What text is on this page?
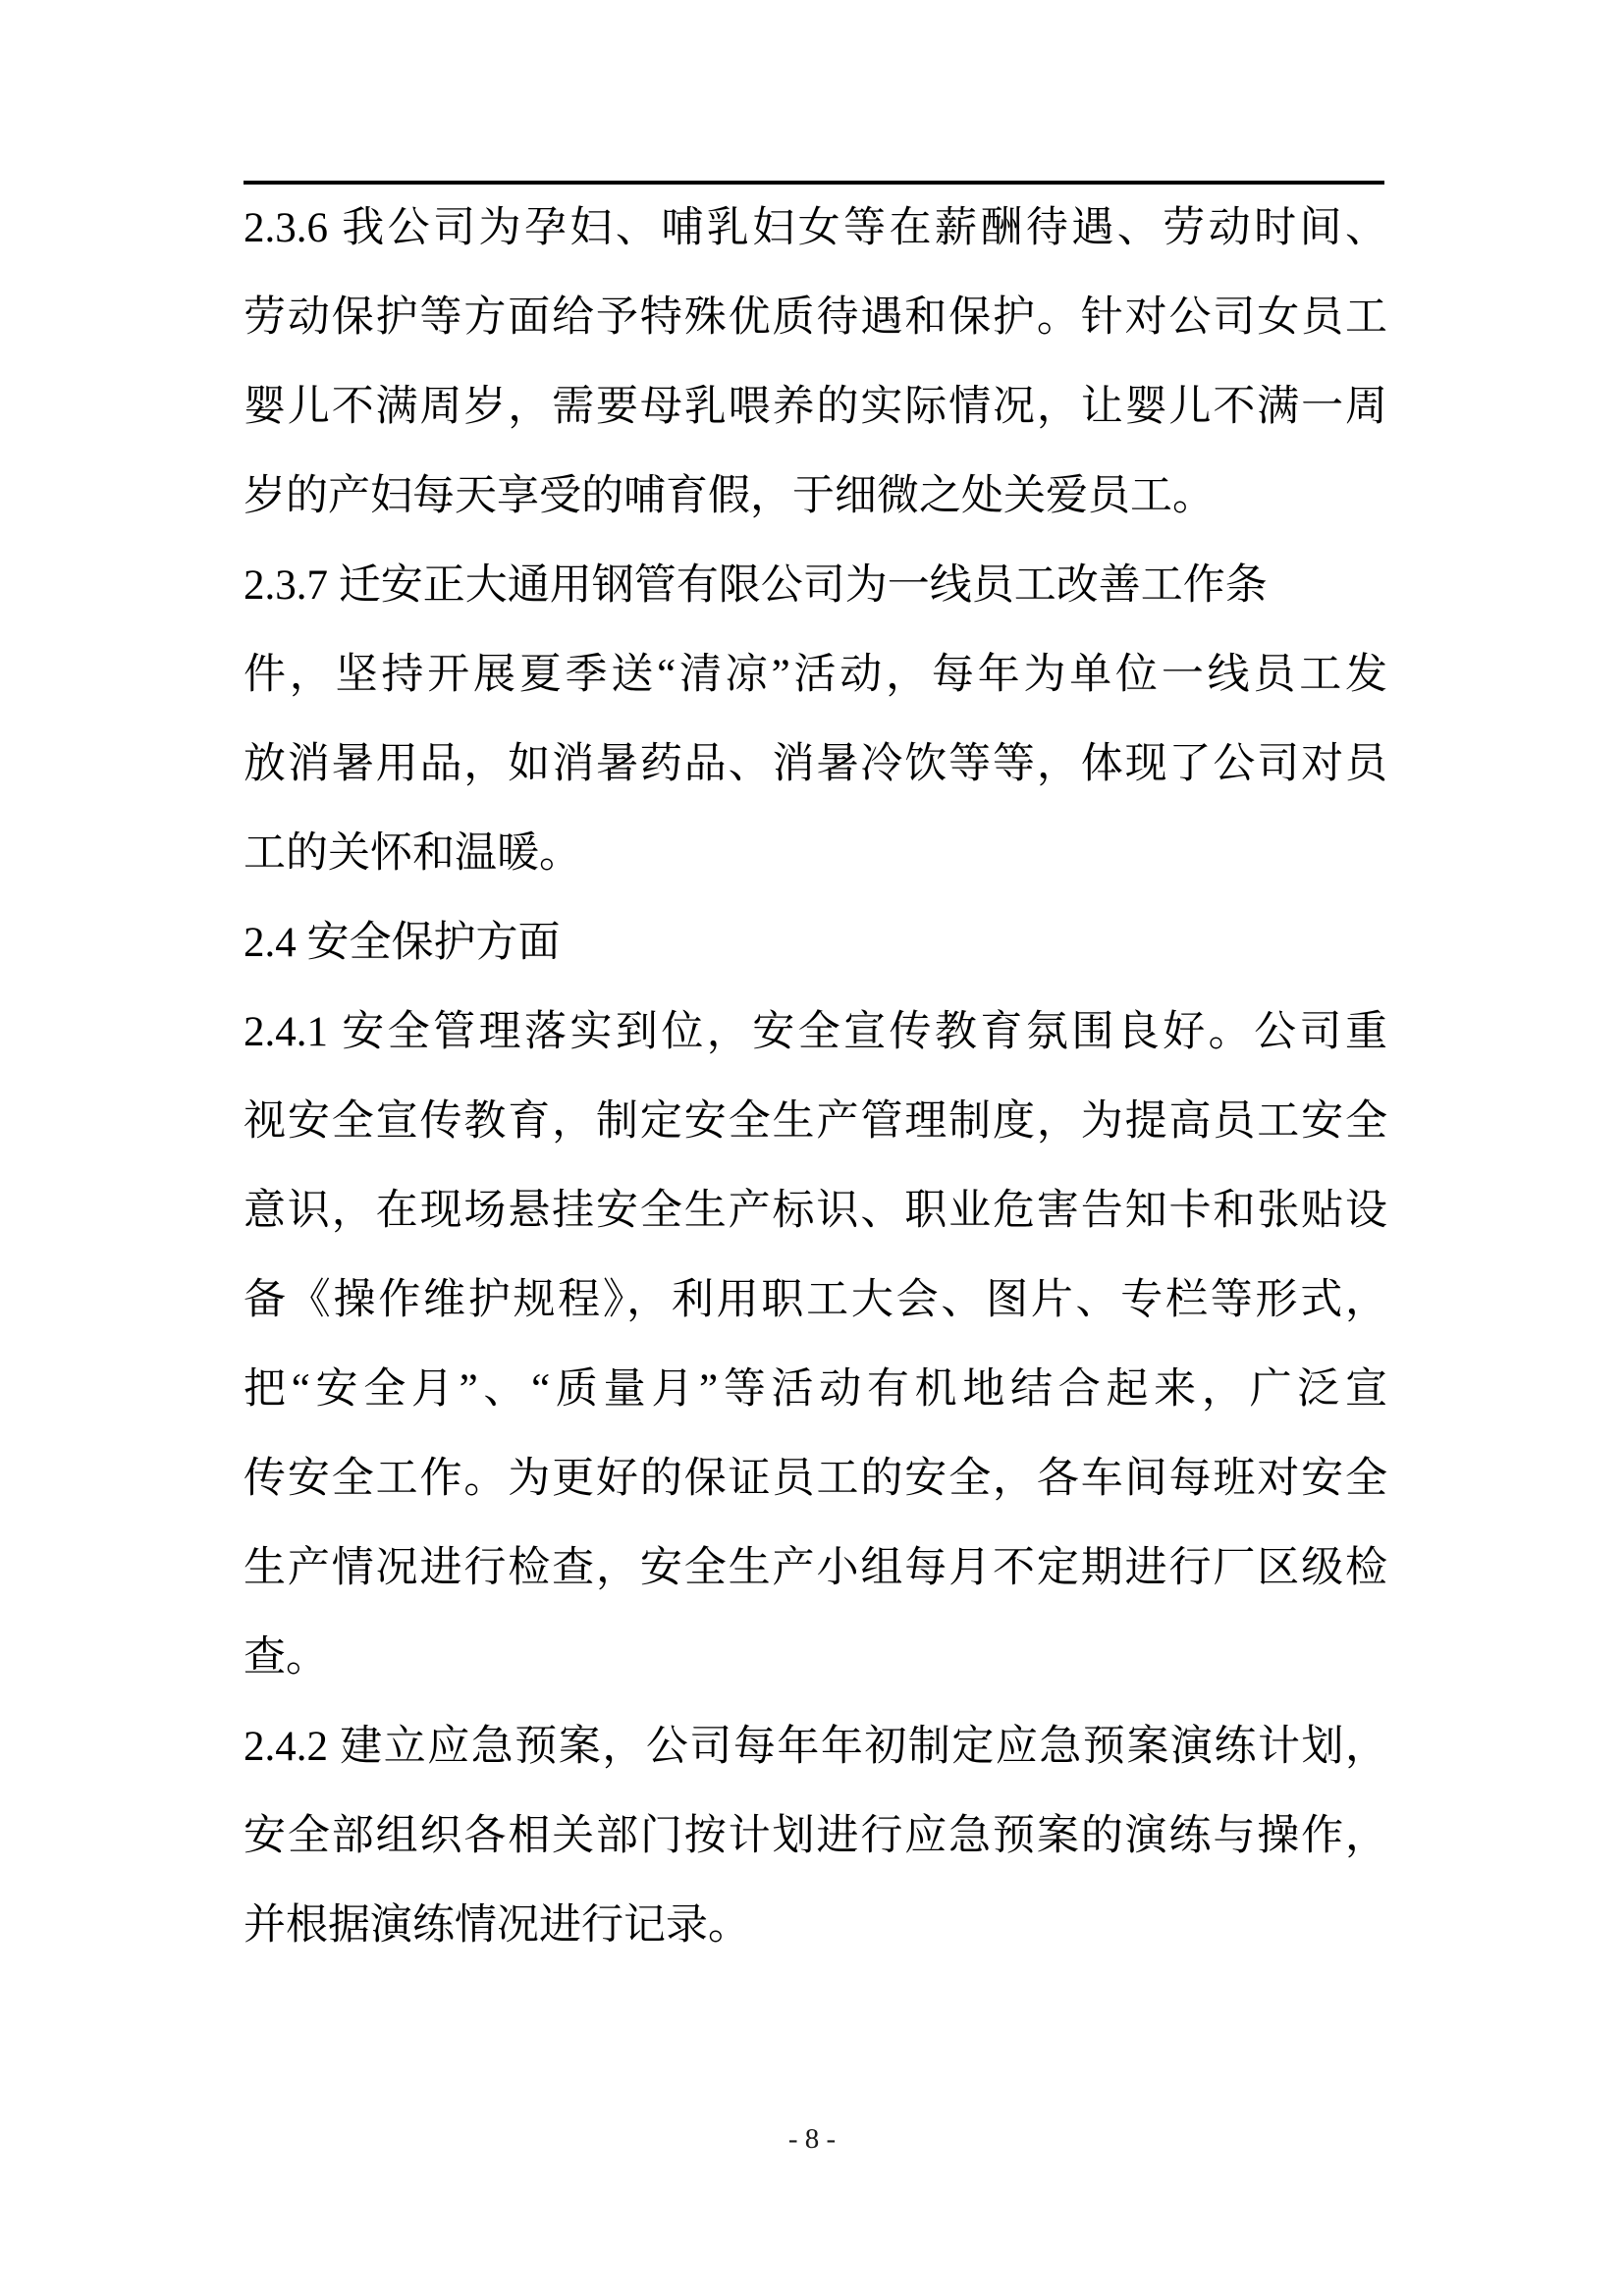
2.3.6 我公司为孕妇、哺乳妇女等在薪酬待遇、劳动时间、
劳动保护等方面给予特殊优质待遇和保护。针对公司女员工
婴儿不满周岁，需要母乳喂养的实际情况，让婴儿不满一周
岁的产妇每天享受的哺育假，于细微之处关爱员工。
2.3.7 迁安正大通用钢管有限公司为一线员工改善工作条
件，坚持开展夏季送“清凉”活动，每年为单位一线员工发
放消暑用品，如消暑药品、消暑冷饮等等，体现了公司对员
工的关怀和温暖。
2.4 安全保护方面
2.4.1 安全管理落实到位，安全宣传教育氛围良好。公司重
视安全宣传教育，制定安全生产管理制度，为提高员工安全
意识，在现场悬挂安全生产标识、职业危害告知卡和张贴设
备《操作维护规程》，利用职工大会、图片、专栏等形式，
把“安全月”、“质量月”等活动有机地结合起来，广泛宣
传安全工作。为更好的保证员工的安全，各车间每班对安全
生产情况进行检查，安全生产小组每月不定期进行厂区级检
查。
2.4.2 建立应急预案，公司每年年初制定应急预案演练计划，
安全部组织各相关部门按计划进行应急预案的演练与操作，
并根据演练情况进行记录。
- 8 -
